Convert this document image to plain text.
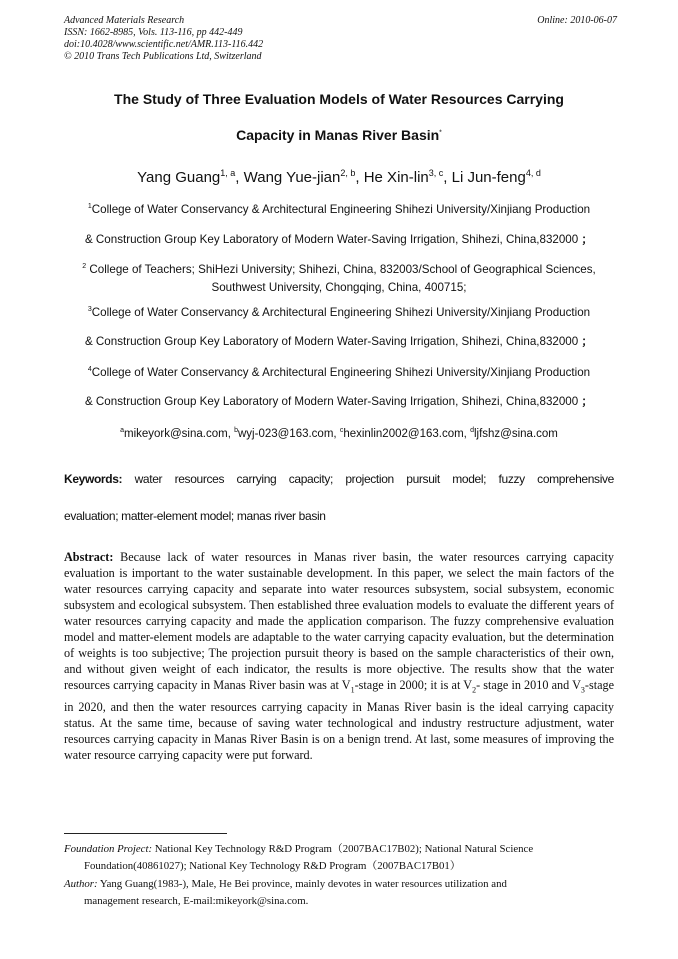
Advanced Materials Research
ISSN: 1662-8985, Vols. 113-116, pp 442-449
doi:10.4028/www.scientific.net/AMR.113-116.442
© 2010 Trans Tech Publications Ltd, Switzerland
Online: 2010-06-07
The Study of Three Evaluation Models of Water Resources Carrying
Capacity in Manas River Basin*
Yang Guang$^{1, a}$, Wang Yue-jian$^{2, b}$, He Xin-lin$^{3, c}$, Li Jun-feng$^{4, d}$
$^1$College of Water Conservancy & Architectural Engineering Shihezi University/Xinjiang Production
& Construction Group Key Laboratory of Modern Water-Saving Irrigation, Shihezi, China,832000 ；
$^2$ College of Teachers; ShiHezi University; Shihezi, China, 832003/School of Geographical Sciences,
Southwest University, Chongqing, China, 400715;
$^3$College of Water Conservancy & Architectural Engineering Shihezi University/Xinjiang Production
& Construction Group Key Laboratory of Modern Water-Saving Irrigation, Shihezi, China,832000 ；
$^4$College of Water Conservancy & Architectural Engineering Shihezi University/Xinjiang Production
& Construction Group Key Laboratory of Modern Water-Saving Irrigation, Shihezi, China,832000 ；
$^a$mikeyork@sina.com, $^b$wyj-023@163.com, $^c$hexinlin2002@163.com, $^d$ljfshz@sina.com
Keywords: water resources carrying capacity; projection pursuit model; fuzzy comprehensive
evaluation; matter-element model; manas river basin
Abstract: Because lack of water resources in Manas river basin, the water resources carrying capacity evaluation is important to the water sustainable development. In this paper, we select the main factors of the water resources carrying capacity and separate into water resources subsystem, social subsystem, economic subsystem and ecological subsystem. Then established three evaluation models to evaluate the different years of water resources carrying capacity and made the application comparison. The fuzzy comprehensive evaluation model and matter-element models are adaptable to the water carrying capacity evaluation, but the determination of weights is too subjective; The projection pursuit theory is based on the sample characteristics of their own, and without given weight of each indicator, the results is more objective. The results show that the water resources carrying capacity in Manas River basin was at $V_1$-stage in 2000; it is at $V_2-$ stage in 2010 and $V_3$-stage in 2020, and then the water resources carrying capacity in Manas River basin is the ideal carrying capacity status. At the same time, because of saving water technological and industry restructure adjustment, water resources carrying capacity in Manas River Basin is on a benign trend. At last, some measures of improving the water resource carrying capacity were put forward.
Foundation Project: National Key Technology R&D Program（2007BAC17B02); National Natural Science
Foundation(40861027); National Key Technology R&D Program（2007BAC17B01）
Author: Yang Guang(1983-), Male, He Bei province, mainly devotes in water resources utilization and
management research, E-mail:mikeyork@sina.com.
